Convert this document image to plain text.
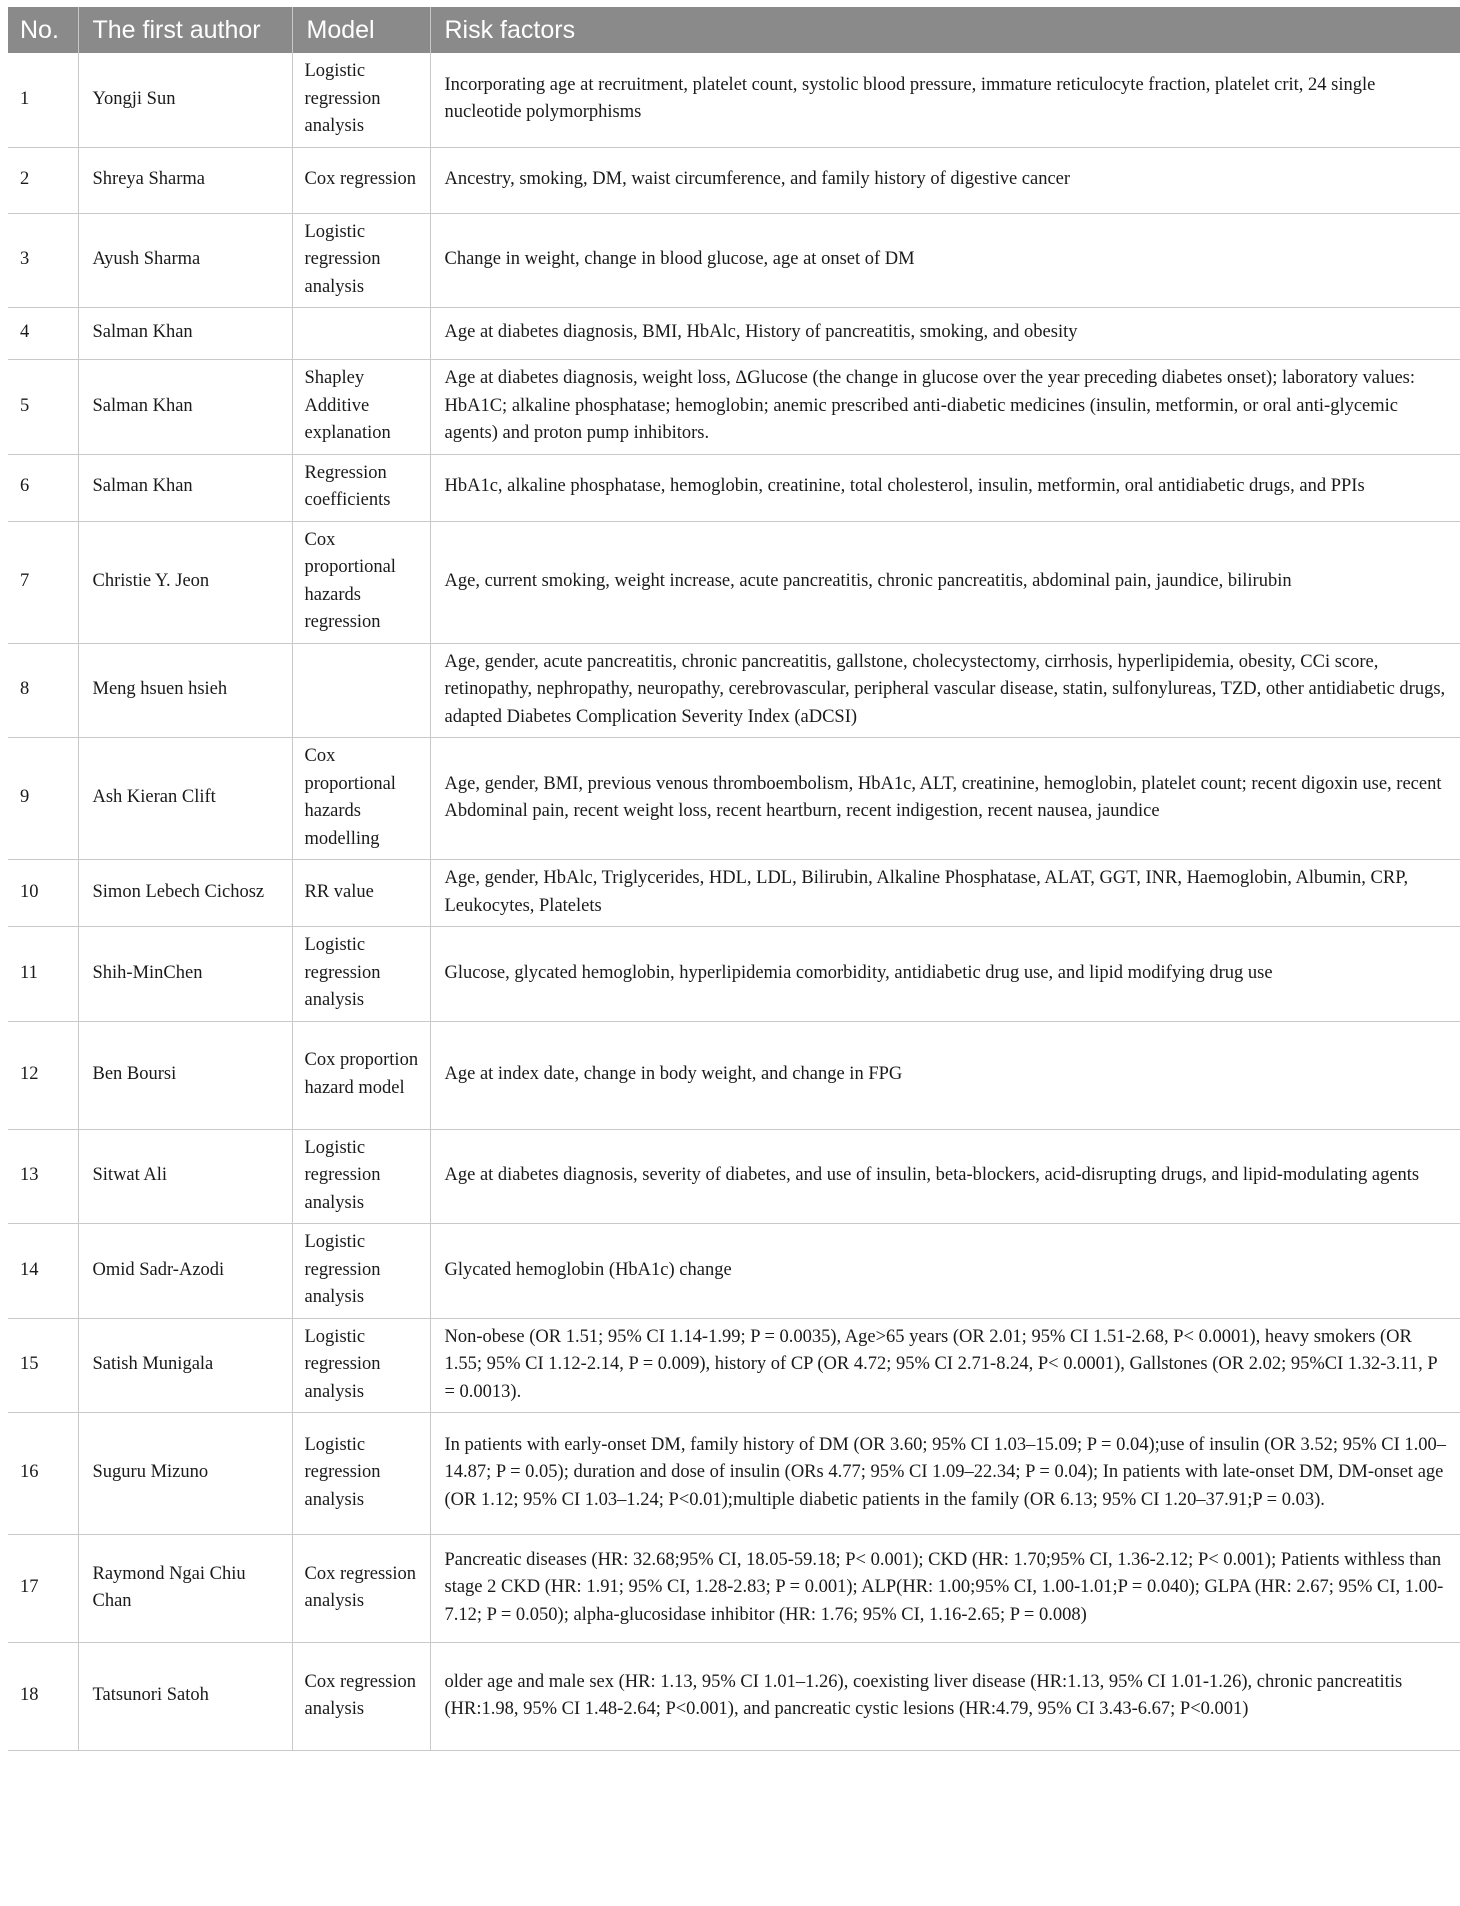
No.	The first author	Model	Risk factors
1	Yongji Sun	Logistic regression analysis	Incorporating age at recruitment, platelet count, systolic blood pressure, immature reticulocyte fraction, platelet crit, 24 single nucleotide polymorphisms
2	Shreya Sharma	Cox regression	Ancestry, smoking, DM, waist circumference, and family history of digestive cancer
3	Ayush Sharma	Logistic regression analysis	Change in weight, change in blood glucose, age at onset of DM
4	Salman Khan		Age at diabetes diagnosis, BMI, HbAlc, History of pancreatitis, smoking, and obesity
5	Salman Khan	Shapley Additive explanation	Age at diabetes diagnosis, weight loss, ΔGlucose (the change in glucose over the year preceding diabetes onset); laboratory values: HbA1C; alkaline phosphatase; hemoglobin; anemic prescribed anti-diabetic medicines (insulin, metformin, or oral anti-glycemic agents) and proton pump inhibitors.
6	Salman Khan	Regression coefficients	HbA1c, alkaline phosphatase, hemoglobin, creatinine, total cholesterol, insulin, metformin, oral antidiabetic drugs, and PPIs
7	Christie Y. Jeon	Cox proportional hazards regression	Age, current smoking, weight increase, acute pancreatitis, chronic pancreatitis, abdominal pain, jaundice, bilirubin
8	Meng hsuen hsieh		Age, gender, acute pancreatitis, chronic pancreatitis, gallstone, cholecystectomy, cirrhosis, hyperlipidemia, obesity, CCi score, retinopathy, nephropathy, neuropathy, cerebrovascular, peripheral vascular disease, statin, sulfonylureas, TZD, other antidiabetic drugs, adapted Diabetes Complication Severity Index (aDCSI)
9	Ash Kieran Clift	Cox proportional hazards modelling	Age, gender, BMI, previous venous thromboembolism, HbA1c, ALT, creatinine, hemoglobin, platelet count; recent digoxin use, recent Abdominal pain, recent weight loss, recent heartburn, recent indigestion, recent nausea, jaundice
10	Simon Lebech Cichosz	RR value	Age, gender, HbAlc, Triglycerides, HDL, LDL, Bilirubin, Alkaline Phosphatase, ALAT, GGT, INR, Haemoglobin, Albumin, CRP, Leukocytes, Platelets
11	Shih-MinChen	Logistic regression analysis	Glucose, glycated hemoglobin, hyperlipidemia comorbidity, antidiabetic drug use, and lipid modifying drug use
12	Ben Boursi	Cox proportion hazard model	Age at index date, change in body weight, and change in FPG
13	Sitwat Ali	Logistic regression analysis	Age at diabetes diagnosis, severity of diabetes, and use of insulin, beta-blockers, acid-disrupting drugs, and lipid-modulating agents
14	Omid Sadr-Azodi	Logistic regression analysis	Glycated hemoglobin (HbA1c) change
15	Satish Munigala	Logistic regression analysis	Non-obese (OR 1.51; 95% CI 1.14-1.99; P = 0.0035), Age>65 years (OR 2.01; 95% CI 1.51-2.68, P< 0.0001), heavy smokers (OR 1.55; 95% CI 1.12-2.14, P = 0.009), history of CP (OR 4.72; 95% CI 2.71-8.24, P< 0.0001), Gallstones (OR 2.02; 95%CI 1.32-3.11, P = 0.0013).
16	Suguru Mizuno	Logistic regression analysis	In patients with early-onset DM, family history of DM (OR 3.60; 95% CI 1.03–15.09; P = 0.04);use of insulin (OR 3.52; 95% CI 1.00–14.87; P = 0.05); duration and dose of insulin (ORs 4.77; 95% CI 1.09–22.34; P = 0.04); In patients with late-onset DM, DM-onset age (OR 1.12; 95% CI 1.03–1.24; P<0.01);multiple diabetic patients in the family (OR 6.13; 95% CI 1.20–37.91;P = 0.03).
17	Raymond Ngai Chiu Chan	Cox regression analysis	Pancreatic diseases (HR: 32.68;95% CI, 18.05-59.18; P< 0.001); CKD (HR: 1.70;95% CI, 1.36-2.12; P< 0.001); Patients withless than stage 2 CKD (HR: 1.91; 95% CI, 1.28-2.83; P = 0.001); ALP(HR: 1.00;95% CI, 1.00-1.01;P = 0.040); GLPA (HR: 2.67; 95% CI, 1.00-7.12; P = 0.050); alpha-glucosidase inhibitor (HR: 1.76; 95% CI, 1.16-2.65; P = 0.008)
18	Tatsunori Satoh	Cox regression analysis	older age and male sex (HR: 1.13, 95% CI 1.01–1.26), coexisting liver disease (HR:1.13, 95% CI 1.01-1.26), chronic pancreatitis (HR:1.98, 95% CI 1.48-2.64; P<0.001), and pancreatic cystic lesions (HR:4.79, 95% CI 3.43-6.67; P<0.001)
